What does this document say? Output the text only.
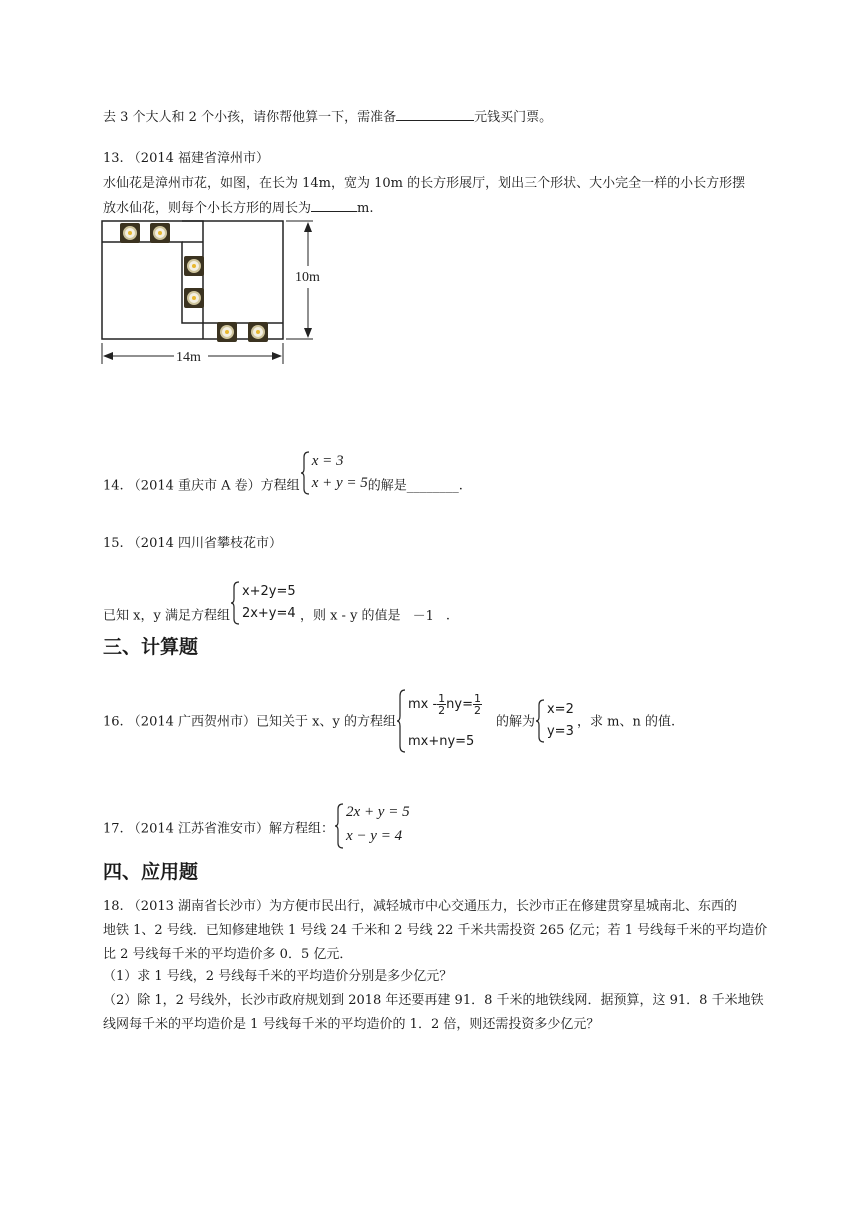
去 3 个大人和 2 个小孩，请你帮他算一下，需准备	元钱买门票。
13. （2014 福建省漳州市）
水仙花是漳州市花，如图，在长为 14m，宽为 10m 的长方形展厅，划出三个形状、大小完全一样的小长方形摆
放水仙花，则每个小长方形的周长为	m.
10m
14m
14. （2014 重庆市 A 卷）方程组
x = 3
x + y = 5 的解是________.
15. （2014 四川省攀枝花市）
已知 x，y 满足方程组
x+2y=5
2x+y=4 ，则 x - y 的值是 －1 .
三、计算题
16. （2014 广西贺州市）已知关于 x、y 的方程组
mx - $\frac{1}{2} ny= \frac{1}{2}$
mx+ny=5
的解为
x=2
y=3
，求 m、n 的值.
17. （2014 江苏省淮安市）解方程组：
2x + y = 5
x − y = 4
四、应用题
18. （2013 湖南省长沙市）为方便市民出行，减轻城市中心交通压力，长沙市正在修建贯穿星城南北、东西的
地铁 1、2 号线．已知修建地铁 1 号线 24 千米和 2 号线 22 千米共需投资 265 亿元；若 1 号线每千米的平均造价
比 2 号线每千米的平均造价多 0．5 亿元．
（1）求 1 号线，2 号线每千米的平均造价分别是多少亿元？
（2）除 1，2 号线外，长沙市政府规划到 2018 年还要再建 91．8 千米的地铁线网．据预算，这 91．8 千米地铁
线网每千米的平均造价是 1 号线每千米的平均造价的 1．2 倍，则还需投资多少亿元？
